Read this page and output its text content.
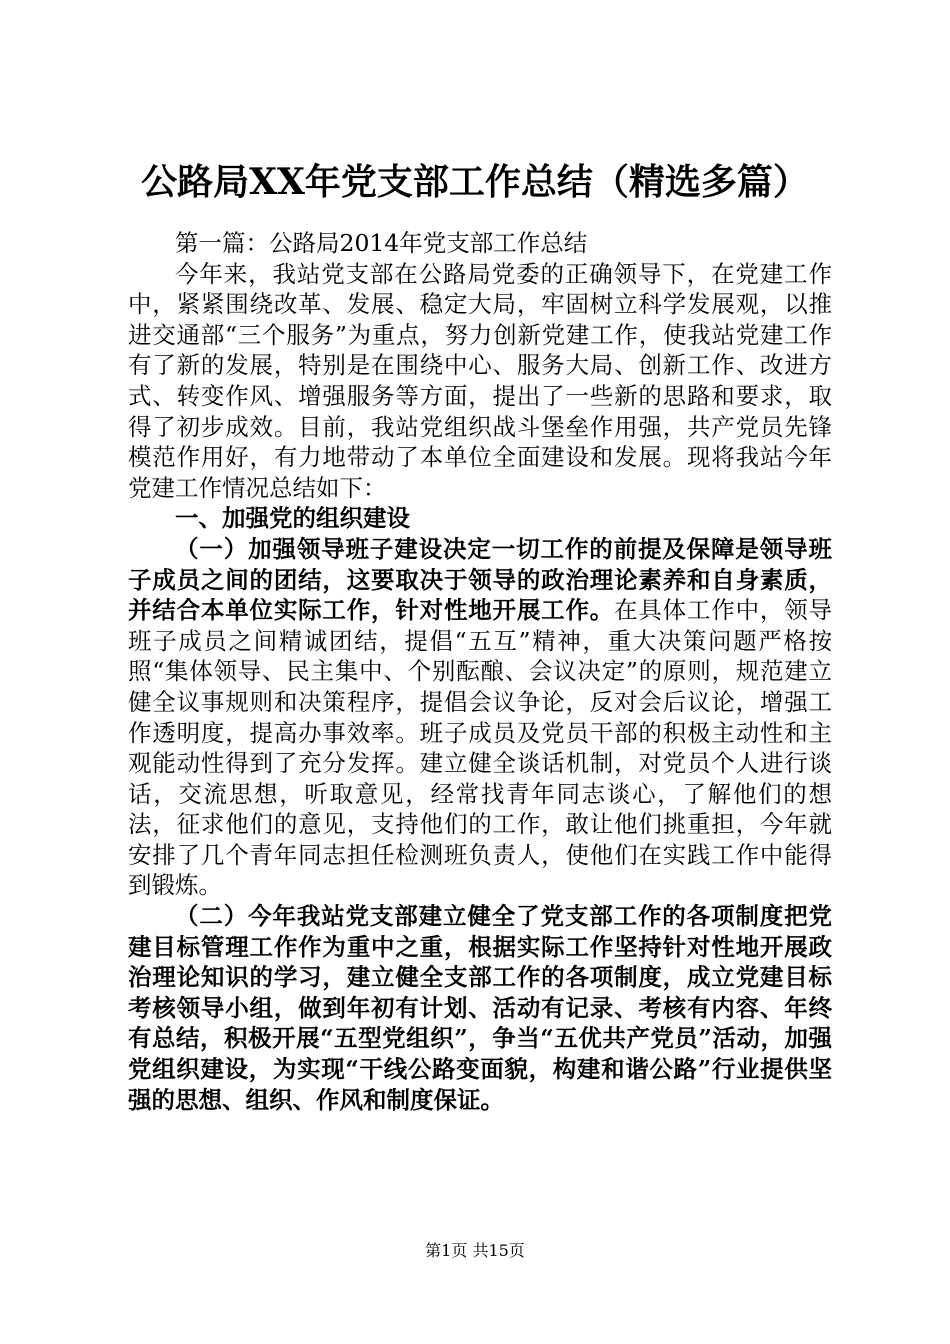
公路局XX年党支部工作总结（精选多篇）

第一篇：公路局2014年党支部工作总结

今年来，我站党支部在公路局党委的正确领导下，在党建工作中，紧紧围绕改革、发展、稳定大局，牢固树立科学发展观，以推进交通部“三个服务”为重点，努力创新党建工作，使我站党建工作有了新的发展，特别是在围绕中心、服务大局、创新工作、改进方式、转变作风、增强服务等方面，提出了一些新的思路和要求，取得了初步成效。目前，我站党组织战斗堡垒作用强，共产党员先锋模范作用好，有力地带动了本单位全面建设和发展。现将我站今年党建工作情况总结如下：

一、加强党的组织建设

（一）加强领导班子建设决定一切工作的前提及保障是领导班子成员之间的团结，这要取决于领导的政治理论素养和自身素质，并结合本单位实际工作，针对性地开展工作。在具体工作中，领导班子成员之间精诚团结，提倡“五互”精神，重大决策问题严格按照“集体领导、民主集中、个别酝酿、会议决定”的原则，规范建立健全议事规则和决策程序，提倡会议争论，反对会后议论，增强工作透明度，提高办事效率。班子成员及党员干部的积极主动性和主观能动性得到了充分发挥。建立健全谈话机制，对党员个人进行谈话，交流思想，听取意见，经常找青年同志谈心，了解他们的想法，征求他们的意见，支持他们的工作，敢让他们挑重担，今年就安排了几个青年同志担任检测班负责人，使他们在实践工作中能得到锻炼。

（二）今年我站党支部建立健全了党支部工作的各项制度把党建目标管理工作作为重中之重，根据实际工作坚持针对性地开展政治理论知识的学习，建立健全支部工作的各项制度，成立党建目标考核领导小组，做到年初有计划、活动有记录、考核有内容、年终有总结，积极开展“五型党组织”，争当“五优共产党员”活动，加强党组织建设，为实现“干线公路变面貌，构建和谐公路”行业提供坚强的思想、组织、作风和制度保证。

第1页 共15页
